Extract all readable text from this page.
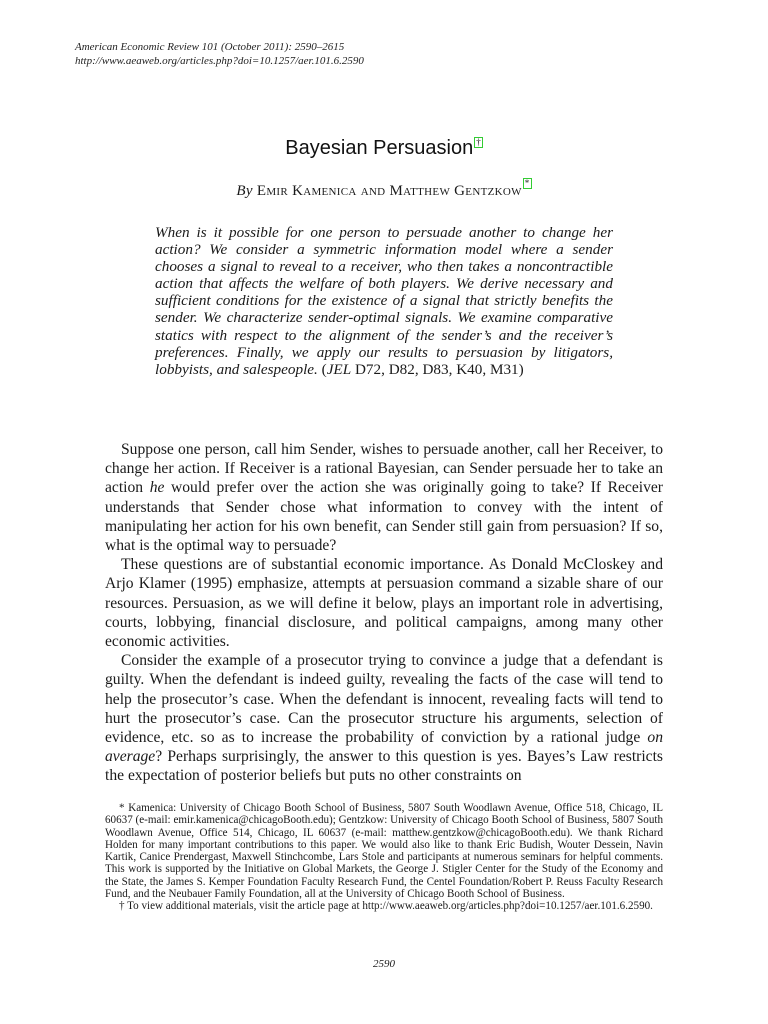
American Economic Review 101 (October 2011): 2590–2615
http://www.aeaweb.org/articles.php?doi=10.1257/aer.101.6.2590
Bayesian Persuasion †
By Emir Kamenica and Matthew Gentzkow *
When is it possible for one person to persuade another to change her action? We consider a symmetric information model where a sender chooses a signal to reveal to a receiver, who then takes a noncontractible action that affects the welfare of both players. We derive necessary and sufficient conditions for the existence of a signal that strictly benefits the sender. We characterize sender-optimal signals. We examine comparative statics with respect to the alignment of the sender’s and the receiver’s preferences. Finally, we apply our results to persuasion by litigators, lobbyists, and salespeople. (JEL D72, D82, D83, K40, M31)

Suppose one person, call him Sender, wishes to persuade another, call her Receiver, to change her action. If Receiver is a rational Bayesian, can Sender persuade her to take an action he would prefer over the action she was originally going to take? If Receiver understands that Sender chose what information to convey with the intent of manipulating her action for his own benefit, can Sender still gain from persuasion? If so, what is the optimal way to persuade?

These questions are of substantial economic importance. As Donald McCloskey and Arjo Klamer (1995) emphasize, attempts at persuasion command a sizable share of our resources. Persuasion, as we will define it below, plays an important role in advertising, courts, lobbying, financial disclosure, and political campaigns, among many other economic activities.

Consider the example of a prosecutor trying to convince a judge that a defendant is guilty. When the defendant is indeed guilty, revealing the facts of the case will tend to help the prosecutor’s case. When the defendant is innocent, revealing facts will tend to hurt the prosecutor’s case. Can the prosecutor structure his arguments, selection of evidence, etc. so as to increase the probability of conviction by a rational judge on average? Perhaps surprisingly, the answer to this question is yes. Bayes’s Law restricts the expectation of posterior beliefs but puts no other constraints on

* Kamenica: University of Chicago Booth School of Business, 5807 South Woodlawn Avenue, Office 518, Chicago, IL 60637 (e-mail: emir.kamenica@chicagoBooth.edu); Gentzkow: University of Chicago Booth School of Business, 5807 South Woodlawn Avenue, Office 514, Chicago, IL 60637 (e-mail: matthew.gentzkow@chicagoBooth.edu). We thank Richard Holden for many important contributions to this paper. We would also like to thank Eric Budish, Wouter Dessein, Navin Kartik, Canice Prendergast, Maxwell Stinchcombe, Lars Stole and participants at numerous seminars for helpful comments. This work is supported by the Initiative on Global Markets, the George J. Stigler Center for the Study of the Economy and the State, the James S. Kemper Foundation Faculty Research Fund, the Centel Foundation/Robert P. Reuss Faculty Research Fund, and the Neubauer Family Foundation, all at the University of Chicago Booth School of Business.

† To view additional materials, visit the article page at http://www.aeaweb.org/articles.php?doi=10.1257/aer.101.6.2590.

2590
